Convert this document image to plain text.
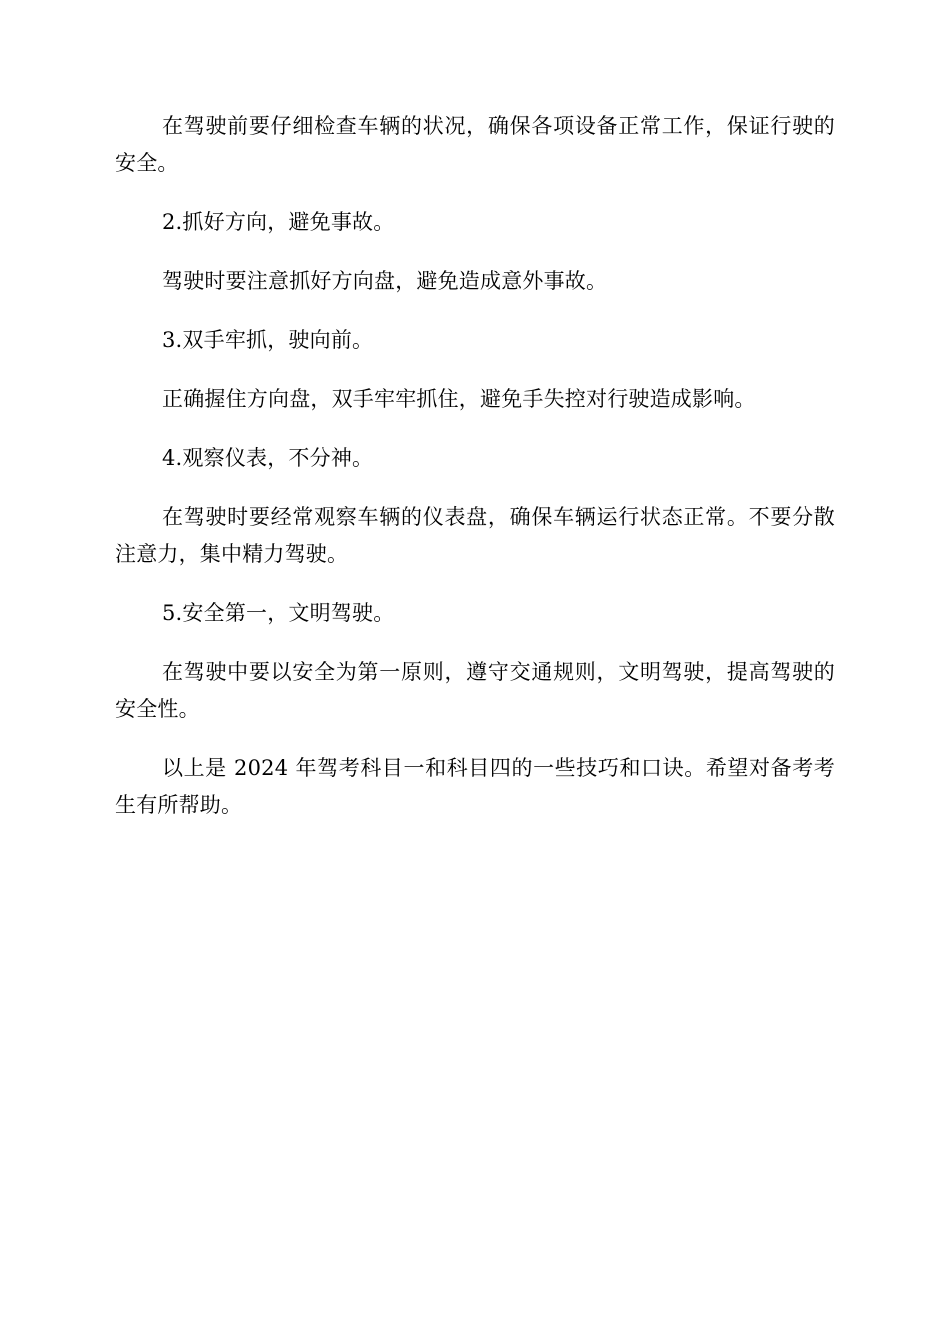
在驾驶前要仔细检查车辆的状况，确保各项设备正常工作，保证行驶的安全。

2.抓好方向，避免事故。

驾驶时要注意抓好方向盘，避免造成意外事故。

3.双手牢抓，驶向前。

正确握住方向盘，双手牢牢抓住，避免手失控对行驶造成影响。

4.观察仪表，不分神。

在驾驶时要经常观察车辆的仪表盘，确保车辆运行状态正常。不要分散注意力，集中精力驾驶。

5.安全第一，文明驾驶。

在驾驶中要以安全为第一原则，遵守交通规则，文明驾驶，提高驾驶的安全性。

以上是 2024 年驾考科目一和科目四的一些技巧和口诀。希望对备考考生有所帮助。
